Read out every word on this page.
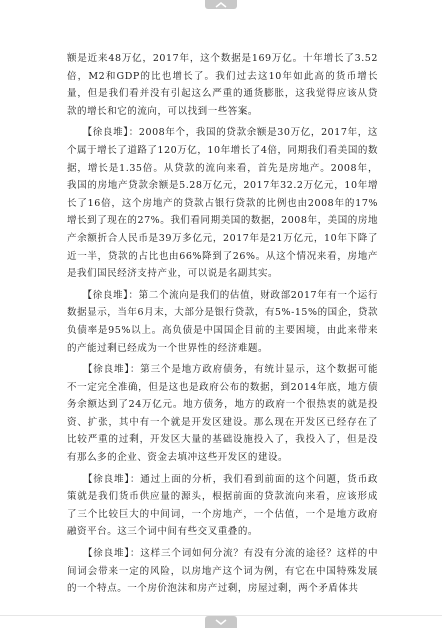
额是近来48万亿，2017年，这个数据是169万亿。十年增长了3.52倍，M2和GDP的比也增长了。我们过去这10年如此高的货币增长量，但是我们看并没有引起这么严重的通货膨胀，这我觉得应该从贷款的增长和它的流向，可以找到一些答案。

　　【徐良堆】：2008年个，我国的贷款余额是30万亿，2017年，这个属于增长了道路了120万亿，10年增长了4倍，同期我们看美国的数据，增长是1.35倍。从贷款的流向来看，首先是房地产。2008年，我国的房地产贷款余额是5.28万亿元，2017年32.2万亿元，10年增长了16倍，这个房地产的贷款占银行贷款的比例也由2008年的17%增长到了现在的27%。我们看同期美国的数据，2008年，美国的房地产余额折合人民币是39万多亿元，2017年是21万亿元，10年下降了近一半，贷款的占比也由66%降到了26%。从这个情况来看，房地产是我们国民经济支持产业，可以说是名副其实。

　　【徐良堆】：第二个流向是我们的估值，财政部2017年有一个运行数据显示，当年6月末，大部分是银行贷款，有5%-15%的国企，贷款负债率是95%以上。高负债是中国国企目前的主要困境，由此来带来的产能过剩已经成为一个世界性的经济难题。

　　【徐良堆】：第三个是地方政府债务，有统计显示，这个数据可能不一定完全准确，但是这也是政府公布的数据，到2014年底，地方债务余额达到了24万亿元。地方债务，地方的政府一个很热衷的就是投资、扩张，其中有一个就是开发区建设。那么现在开发区已经存在了比较严重的过剩，开发区大量的基础设施投入了，我投入了，但是没有那么多的企业、资金去填冲这些开发区的建设。

　　【徐良堆】：通过上面的分析，我们看到前面的这个问题，货币政策就是我们货币供应量的源头，根据前面的贷款流向来看，应该形成了三个比较巨大的中间词，一个房地产，一个估值，一个是地方政府融资平台。这三个词中间有些交叉重叠的。

　　【徐良堆】：这样三个词如何分流？有没有分流的途径？这样的中间词会带来一定的风险，以房地产这个词为例，有它在中国特殊发展的一个特点。一个房价泡沫和房产过剩，房屋过剩，两个矛盾体共
